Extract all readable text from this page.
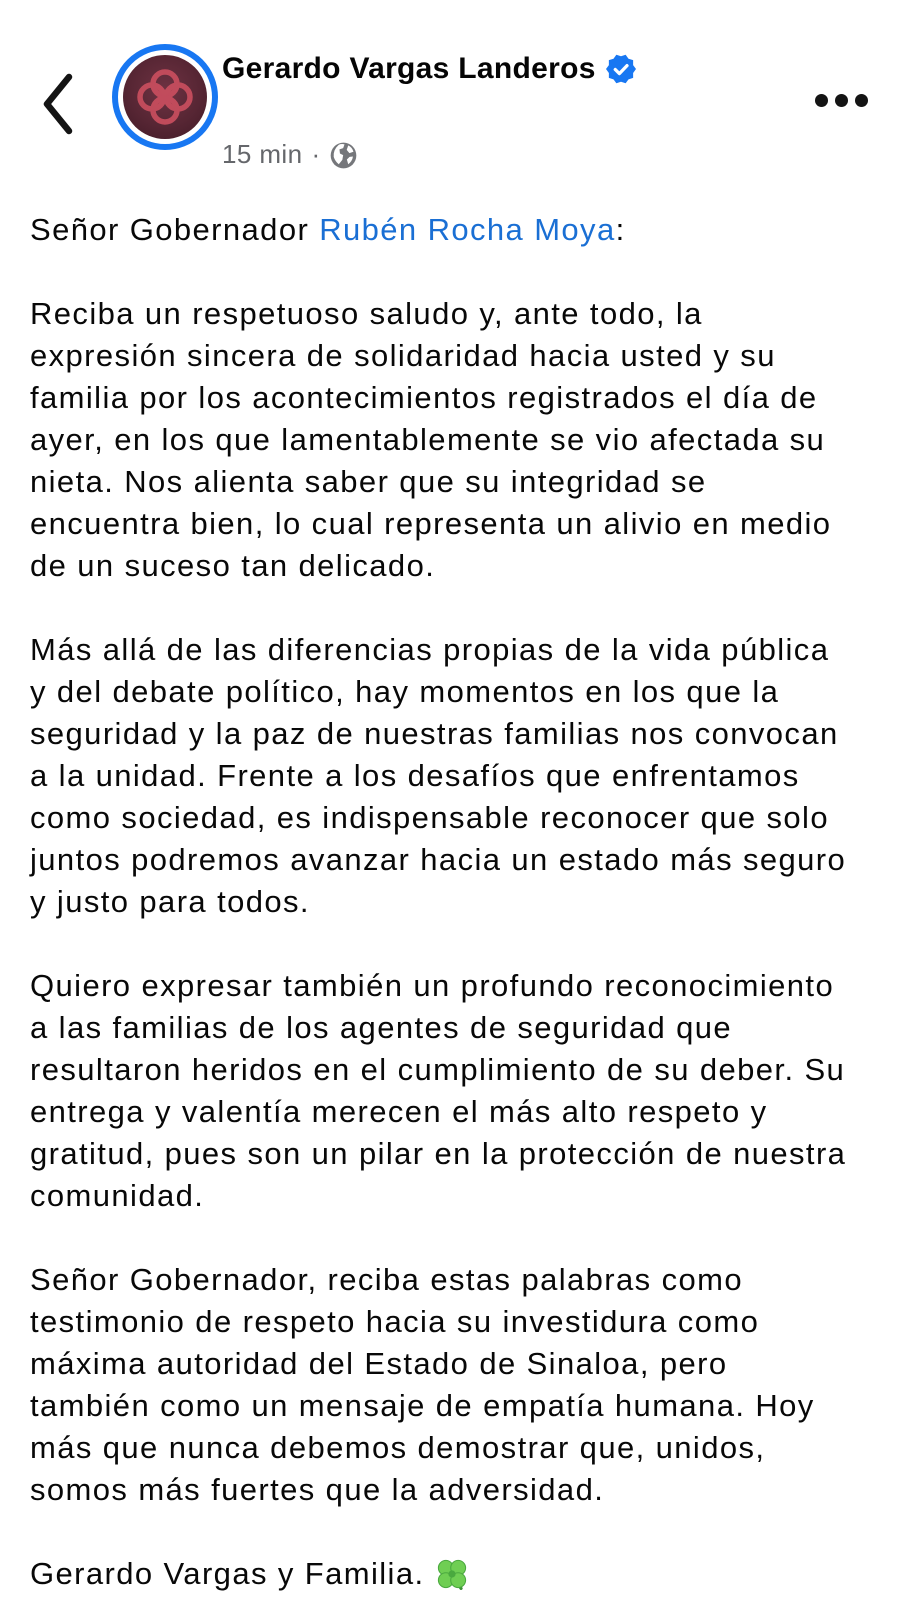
Gerardo Vargas Landeros
15 min ·

Señor Gobernador Rubén Rocha Moya:

Reciba un respetuoso saludo y, ante todo, la expresión sincera de solidaridad hacia usted y su familia por los acontecimientos registrados el día de ayer, en los que lamentablemente se vio afectada su nieta. Nos alienta saber que su integridad se encuentra bien, lo cual representa un alivio en medio de un suceso tan delicado.

Más allá de las diferencias propias de la vida pública y del debate político, hay momentos en los que la seguridad y la paz de nuestras familias nos convocan a la unidad. Frente a los desafíos que enfrentamos como sociedad, es indispensable reconocer que solo juntos podremos avanzar hacia un estado más seguro y justo para todos.

Quiero expresar también un profundo reconocimiento a las familias de los agentes de seguridad que resultaron heridos en el cumplimiento de su deber. Su entrega y valentía merecen el más alto respeto y gratitud, pues son un pilar en la protección de nuestra comunidad.

Señor Gobernador, reciba estas palabras como testimonio de respeto hacia su investidura como máxima autoridad del Estado de Sinaloa, pero también como un mensaje de empatía humana. Hoy más que nunca debemos demostrar que, unidos, somos más fuertes que la adversidad.

Gerardo Vargas y Familia.
